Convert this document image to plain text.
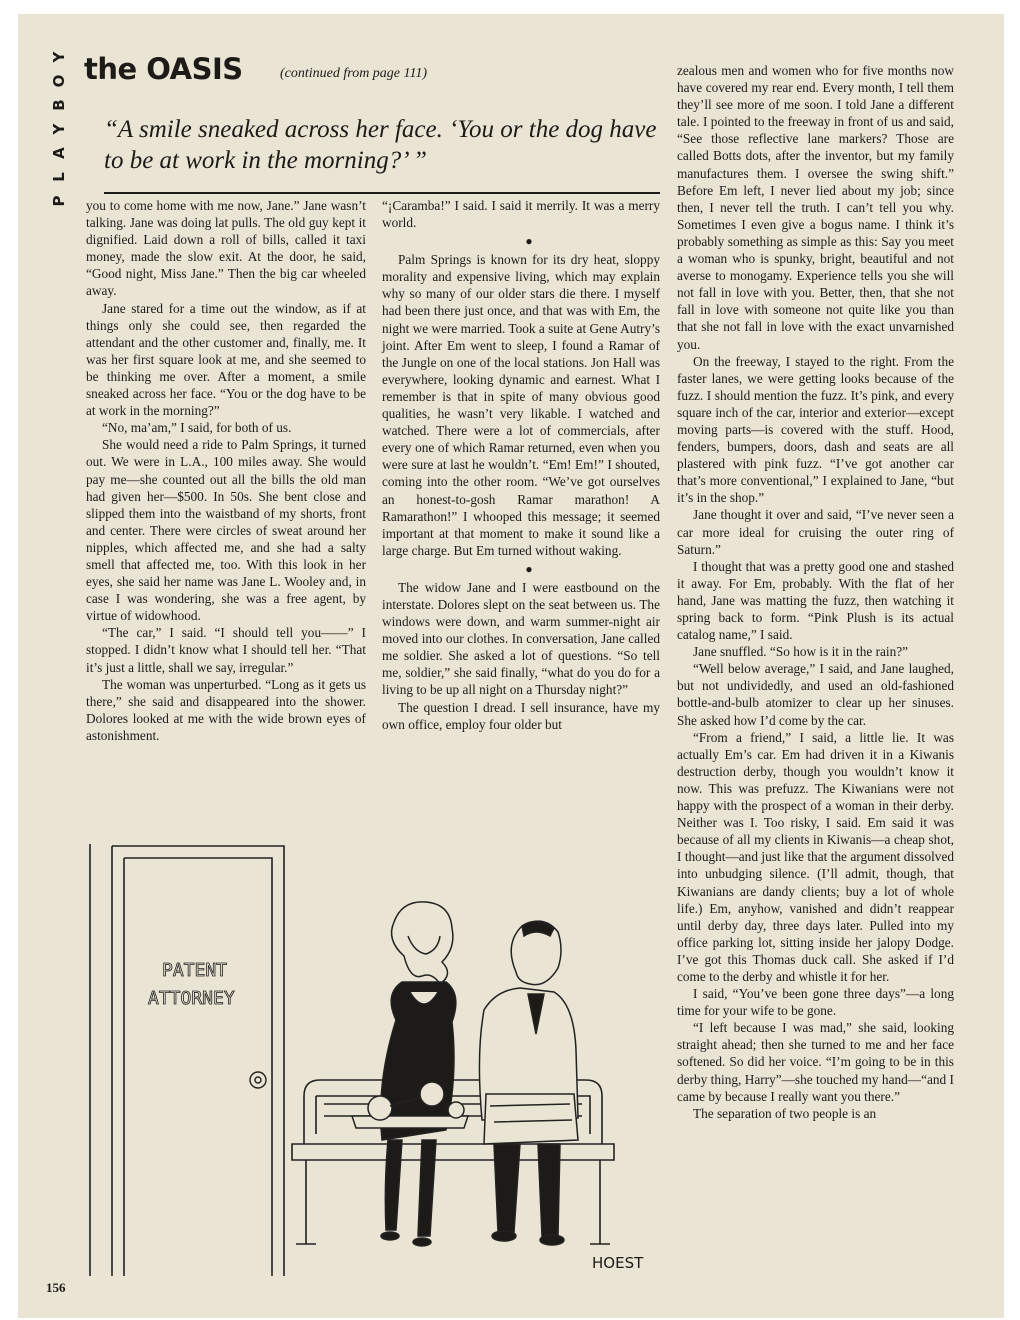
Y
O
B
Y
A
L
P
the OASIS	(continued from page 111)
“A smile sneaked across her face. ‘You or the dog have to be at work in the morning?’ ”

you to come home with me now, Jane.” Jane wasn’t talking. Jane was doing lat pulls. The old guy kept it dignified. Laid down a roll of bills, called it taxi money, made the slow exit. At the door, he said, “Good night, Miss Jane.” Then the big car wheeled away.

Jane stared for a time out the window, as if at things only she could see, then regarded the attendant and the other customer and, finally, me. It was her first square look at me, and she seemed to be thinking me over. After a moment, a smile sneaked across her face. “You or the dog have to be at work in the morning?”

“No, ma’am,” I said, for both of us.

She would need a ride to Palm Springs, it turned out. We were in L.A., 100 miles away. She would pay me—she counted out all the bills the old man had given her—$500. In 50s. She bent close and slipped them into the waistband of my shorts, front and center. There were circles of sweat around her nipples, which affected me, and she had a salty smell that affected me, too. With this look in her eyes, she said her name was Jane L. Wooley and, in case I was wondering, she was a free agent, by virtue of widowhood.

“The car,” I said. “I should tell you——” I stopped. I didn’t know what I should tell her. “That it’s just a little, shall we say, irregular.”

The woman was unperturbed. “Long as it gets us there,” she said and disappeared into the shower. Dolores looked at me with the wide brown eyes of astonishment.

“¡Caramba!” I said. I said it merrily. It was a merry world.

●

Palm Springs is known for its dry heat, sloppy morality and expensive living, which may explain why so many of our older stars die there. I myself had been there just once, and that was with Em, the night we were married. Took a suite at Gene Autry’s joint. After Em went to sleep, I found a Ramar of the Jungle on one of the local stations. Jon Hall was everywhere, looking dynamic and earnest. What I remember is that in spite of many obvious good qualities, he wasn’t very likable. I watched and watched. There were a lot of commercials, after every one of which Ramar returned, even when you were sure at last he wouldn’t. “Em! Em!” I shouted, coming into the other room. “We’ve got ourselves an honest-to-gosh Ramar marathon! A Ramarathon!” I whooped this message; it seemed important at that moment to make it sound like a large charge. But Em turned without waking.

●

The widow Jane and I were eastbound on the interstate. Dolores slept on the seat between us. The windows were down, and warm summer-night air moved into our clothes. In conversation, Jane called me soldier. She asked a lot of questions. “So tell me, soldier,” she said finally, “what do you do for a living to be up all night on a Thursday night?”

The question I dread. I sell insurance, have my own office, employ four older but

zealous men and women who for five months now have covered my rear end. Every month, I tell them they’ll see more of me soon. I told Jane a different tale. I pointed to the freeway in front of us and said, “See those reflective lane markers? Those are called Botts dots, after the inventor, but my family manufactures them. I oversee the swing shift.” Before Em left, I never lied about my job; since then, I never tell the truth. I can’t tell you why. Sometimes I even give a bogus name. I think it’s probably something as simple as this: Say you meet a woman who is spunky, bright, beautiful and not averse to monogamy. Experience tells you she will not fall in love with you. Better, then, that she not fall in love with someone not quite like you than that she not fall in love with the exact unvarnished you.

On the freeway, I stayed to the right. From the faster lanes, we were getting looks because of the fuzz. I should mention the fuzz. It’s pink, and every square inch of the car, interior and exterior—except moving parts—is covered with the stuff. Hood, fenders, bumpers, doors, dash and seats are all plastered with pink fuzz. “I’ve got another car that’s more conventional,” I explained to Jane, “but it’s in the shop.”

Jane thought it over and said, “I’ve never seen a car more ideal for cruising the outer ring of Saturn.”

I thought that was a pretty good one and stashed it away. For Em, probably. With the flat of her hand, Jane was matting the fuzz, then watching it spring back to form. “Pink Plush is its actual catalog name,” I said.

Jane snuffled. “So how is it in the rain?”

“Well below average,” I said, and Jane laughed, but not undividedly, and used an old-fashioned bottle-and-bulb atomizer to clear up her sinuses. She asked how I’d come by the car.

“From a friend,” I said, a little lie. It was actually Em’s car. Em had driven it in a Kiwanis destruction derby, though you wouldn’t know it now. This was prefuzz. The Kiwanians were not happy with the prospect of a woman in their derby. Neither was I. Too risky, I said. Em said it was because of all my clients in Kiwanis—a cheap shot, I thought—and just like that the argument dissolved into unbudging silence. (I’ll admit, though, that Kiwanians are dandy clients; buy a lot of whole life.) Em, anyhow, vanished and didn’t reappear until derby day, three days later. Pulled into my office parking lot, sitting inside her jalopy Dodge. I’ve got this Thomas duck call. She asked if I’d come to the derby and whistle it for her.

I said, “You’ve been gone three days”—a long time for your wife to be gone.

“I left because I was mad,” she said, looking straight ahead; then she turned to me and her face softened. So did her voice. “I’m going to be in this derby thing, Harry”—she touched my hand—“and I came by because I really want you there.”

The separation of two people is an

PATENT
ATTORNEY
HOEST
156
